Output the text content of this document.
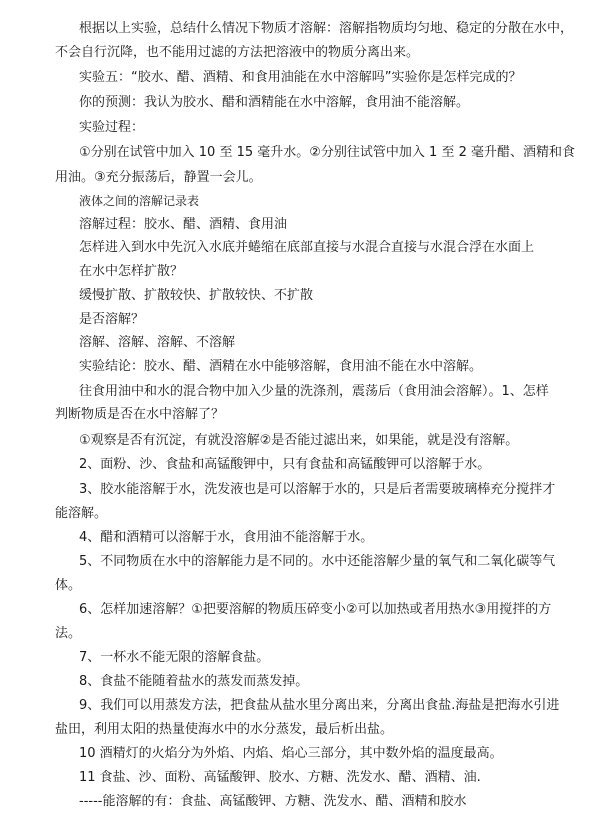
根据以上实验，总结什么情况下物质才溶解：溶解指物质均匀地、稳定的分散在水中，

不会自行沉降，也不能用过滤的方法把溶液中的物质分离出来。

实验五：“胶水、醋、酒精、和食用油能在水中溶解吗”实验你是怎样完成的？

你的预测：我认为胶水、醋和酒精能在水中溶解，食用油不能溶解。

实验过程：

①分别在试管中加入 10 至 15 毫升水。②分别往试管中加入 1 至 2 毫升醋、酒精和食

用油。③充分振荡后，静置一会儿。

液体之间的溶解记录表

溶解过程：胶水、醋、酒精、食用油

怎样进入到水中先沉入水底并蜷缩在底部直接与水混合直接与水混合浮在水面上

在水中怎样扩散？

缓慢扩散、扩散较快、扩散较快、不扩散

是否溶解？

溶解、溶解、溶解、不溶解

实验结论：胶水、醋、酒精在水中能够溶解，食用油不能在水中溶解。

往食用油中和水的混合物中加入少量的洗涤剂，震荡后（食用油会溶解）。1、怎样

判断物质是否在水中溶解了？

①观察是否有沉淀，有就没溶解②是否能过滤出来，如果能，就是没有溶解。

2、面粉、沙、食盐和高锰酸钾中，只有食盐和高锰酸钾可以溶解于水。

3、胶水能溶解于水，洗发液也是可以溶解于水的，只是后者需要玻璃棒充分搅拌才

能溶解。

4、醋和酒精可以溶解于水，食用油不能溶解于水。

5、不同物质在水中的溶解能力是不同的。水中还能溶解少量的氧气和二氧化碳等气

体。

6、怎样加速溶解？①把要溶解的物质压碎变小②可以加热或者用热水③用搅拌的方

法。

7、一杯水不能无限的溶解食盐。

8、食盐不能随着盐水的蒸发而蒸发掉。

9、我们可以用蒸发方法，把食盐从盐水里分离出来，分离出食盐.海盐是把海水引进

盐田，利用太阳的热量使海水中的水分蒸发，最后析出盐。

10 酒精灯的火焰分为外焰、内焰、焰心三部分，其中数外焰的温度最高。

11 食盐、沙、面粉、高锰酸钾、胶水、方糖、洗发水、醋、酒精、油.

-----能溶解的有：食盐、高锰酸钾、方糖、洗发水、醋、酒精和胶水
